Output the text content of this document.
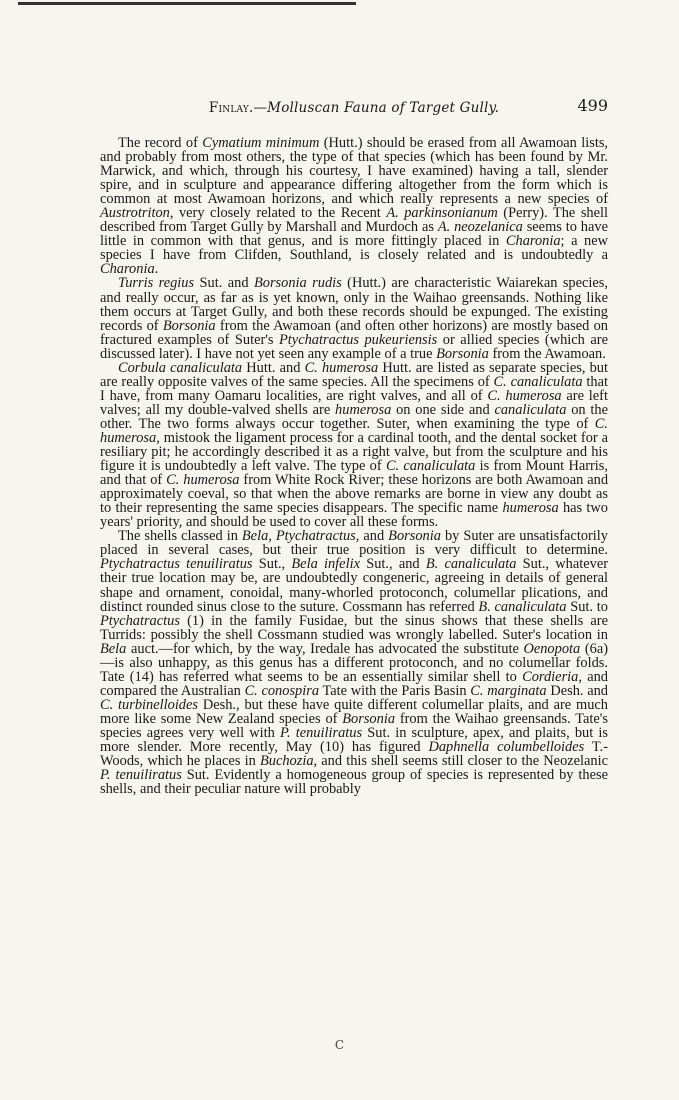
Finlay.—Molluscan Fauna of Target Gully.	499

The record of Cymatium minimum (Hutt.) should be erased from all Awamoan lists, and probably from most others, the type of that species (which has been found by Mr. Marwick, and which, through his courtesy, I have examined) having a tall, slender spire, and in sculpture and appearance differing altogether from the form which is common at most Awamoan horizons, and which really represents a new species of Austrotriton, very closely related to the Recent A. parkinsonianum (Perry). The shell described from Target Gully by Marshall and Murdoch as A. neozelanica seems to have little in common with that genus, and is more fittingly placed in Charonia; a new species I have from Clifden, Southland, is closely related and is undoubtedly a Charonia.

Turris regius Sut. and Borsonia rudis (Hutt.) are characteristic Waiarekan species, and really occur, as far as is yet known, only in the Waihao greensands. Nothing like them occurs at Target Gully, and both these records should be expunged. The existing records of Borsonia from the Awamoan (and often other horizons) are mostly based on fractured examples of Suter's Ptychatractus pukeuriensis or allied species (which are discussed later). I have not yet seen any example of a true Borsonia from the Awamoan.

Corbula canaliculata Hutt. and C. humerosa Hutt. are listed as separate species, but are really opposite valves of the same species. All the specimens of C. canaliculata that I have, from many Oamaru localities, are right valves, and all of C. humerosa are left valves; all my double-valved shells are humerosa on one side and canaliculata on the other. The two forms always occur together. Suter, when examining the type of C. humerosa, mistook the ligament process for a cardinal tooth, and the dental socket for a resiliary pit; he accordingly described it as a right valve, but from the sculpture and his figure it is undoubtedly a left valve. The type of C. canaliculata is from Mount Harris, and that of C. humerosa from White Rock River; these horizons are both Awamoan and approximately coeval, so that when the above remarks are borne in view any doubt as to their representing the same species disappears. The specific name humerosa has two years' priority, and should be used to cover all these forms.

The shells classed in Bela, Ptychatractus, and Borsonia by Suter are unsatisfactorily placed in several cases, but their true position is very difficult to determine. Ptychatractus tenuiliratus Sut., Bela infelix Sut., and B. canaliculata Sut., whatever their true location may be, are undoubtedly congeneric, agreeing in details of general shape and ornament, conoidal, many-whorled protoconch, columellar plications, and distinct rounded sinus close to the suture. Cossmann has referred B. canaliculata Sut. to Ptychatractus (1) in the family Fusidae, but the sinus shows that these shells are Turrids: possibly the shell Cossmann studied was wrongly labelled. Suter's location in Bela auct.—for which, by the way, Iredale has advocated the substitute Oenopota (6a)—is also unhappy, as this genus has a different protoconch, and no columellar folds. Tate (14) has referred what seems to be an essentially similar shell to Cordieria, and compared the Australian C. conospira Tate with the Paris Basin C. marginata Desh. and C. turbinelloides Desh., but these have quite different columellar plaits, and are much more like some New Zealand species of Borsonia from the Waihao greensands. Tate's species agrees very well with P. tenuiliratus Sut. in sculpture, apex, and plaits, but is more slender. More recently, May (10) has figured Daphnella columbelloides T.-Woods, which he places in Buchozia, and this shell seems still closer to the Neozelanic P. tenuiliratus Sut. Evidently a homogeneous group of species is represented by these shells, and their peculiar nature will probably

C
